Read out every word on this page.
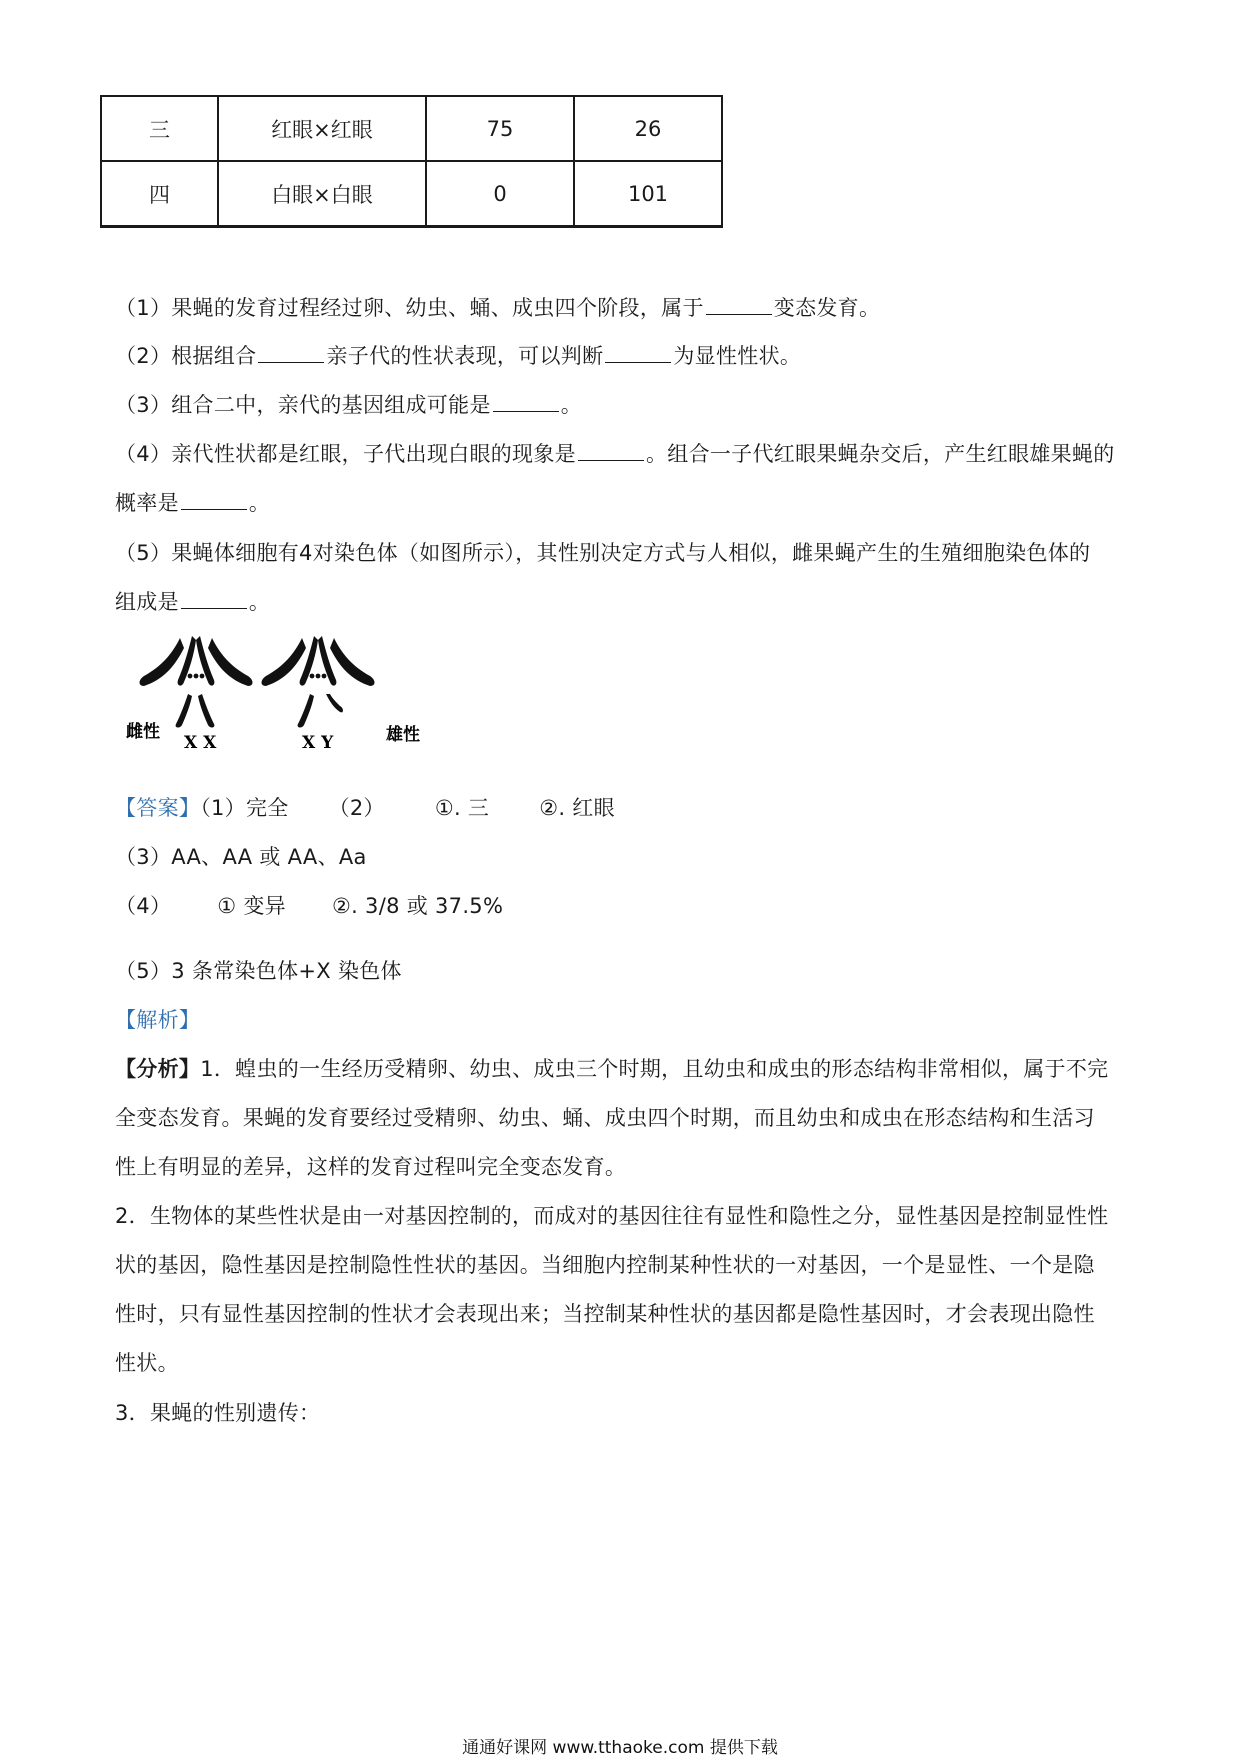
三	红眼×红眼	75	26
四	白眼×白眼	0	101
（1）果蝇的发育过程经过卵、幼虫、蛹、成虫四个阶段，属于	变态发育。
（2）根据组合	亲子代的性状表现，可以判断	为显性性状。
（3）组合二中，亲代的基因组成可能是	。
（4）亲代性状都是红眼，子代出现白眼的现象是	。组合一子代红眼果蝇杂交后，产生红眼雄果蝇的
概率是	。
（5）果蝇体细胞有4对染色体（如图所示），其性别决定方式与人相似，雌果蝇产生的生殖细胞染色体的
组成是	。
雌性
X X	X Y	雄性
【答案】（1）完全 （2） ①. 三 ②. 红眼
（3）AA、AA 或 AA、Aa
（4） ① 变异 ②. 3/8 或 37.5%
（5）3 条常染色体+X 染色体
【解析】
【分析】1．蝗虫的一生经历受精卵、幼虫、成虫三个时期，且幼虫和成虫的形态结构非常相似，属于不完
全变态发育。果蝇的发育要经过受精卵、幼虫、蛹、成虫四个时期，而且幼虫和成虫在形态结构和生活习
性上有明显的差异，这样的发育过程叫完全变态发育。
2．生物体的某些性状是由一对基因控制的，而成对的基因往往有显性和隐性之分，显性基因是控制显性性
状的基因，隐性基因是控制隐性性状的基因。当细胞内控制某种性状的一对基因，一个是显性、一个是隐
性时，只有显性基因控制的性状才会表现出来；当控制某种性状的基因都是隐性基因时，才会表现出隐性
性状。
3．果蝇的性别遗传：
通通好课网 www.tthaoke.com 提供下载
